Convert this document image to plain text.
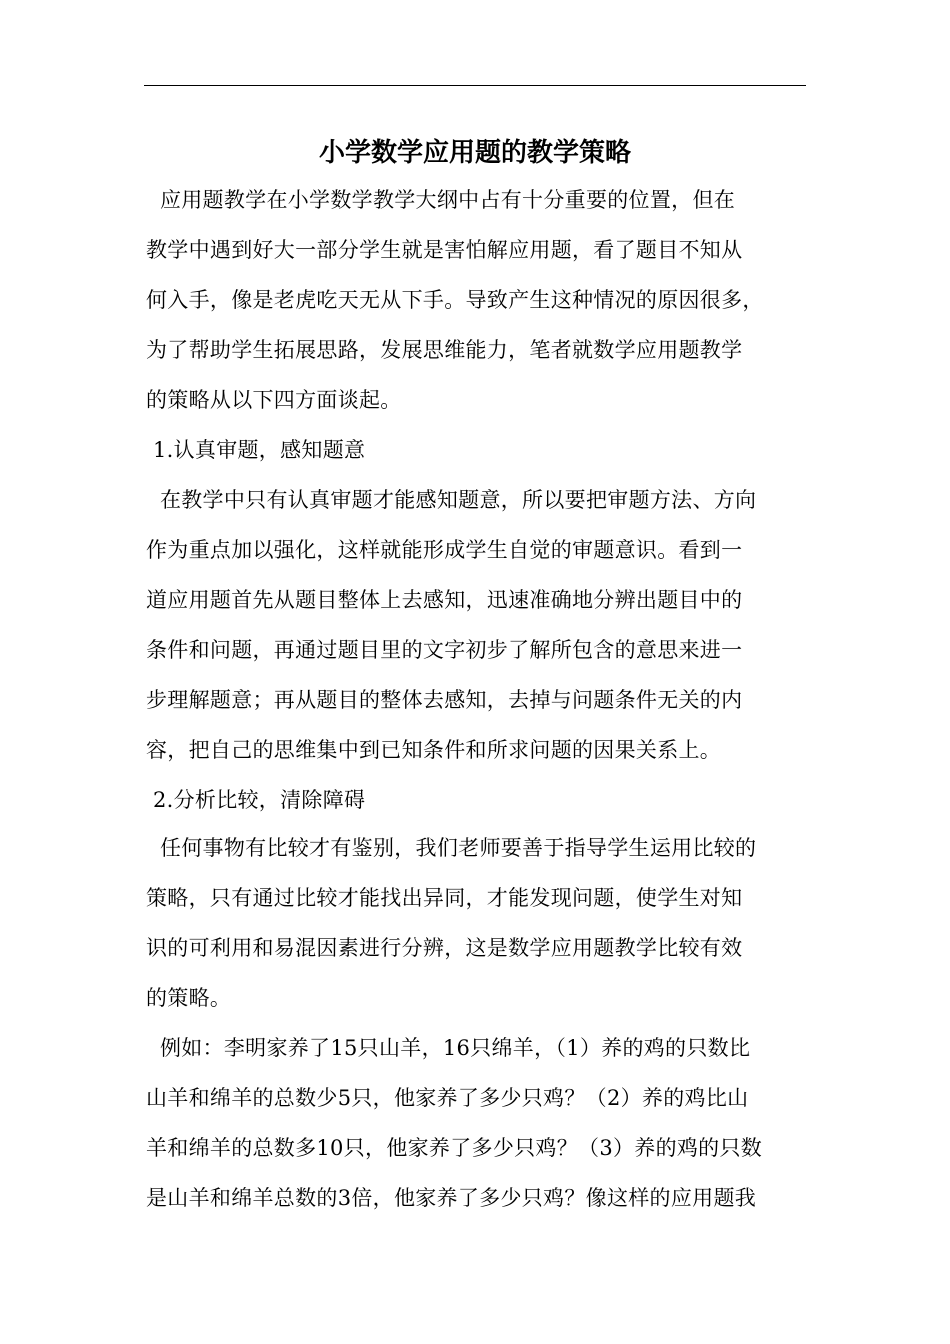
小学数学应用题的教学策略
应用题教学在小学数学教学大纲中占有十分重要的位置，但在
教学中遇到好大一部分学生就是害怕解应用题，看了题目不知从
何入手，像是老虎吃天无从下手。导致产生这种情况的原因很多，
为了帮助学生拓展思路，发展思维能力，笔者就数学应用题教学
的策略从以下四方面谈起。
1.认真审题，感知题意
在教学中只有认真审题才能感知题意，所以要把审题方法、方向
作为重点加以强化，这样就能形成学生自觉的审题意识。看到一
道应用题首先从题目整体上去感知，迅速准确地分辨出题目中的
条件和问题，再通过题目里的文字初步了解所包含的意思来进一
步理解题意；再从题目的整体去感知，去掉与问题条件无关的内
容，把自己的思维集中到已知条件和所求问题的因果关系上。
2.分析比较，清除障碍
任何事物有比较才有鉴别，我们老师要善于指导学生运用比较的
策略，只有通过比较才能找出异同，才能发现问题，使学生对知
识的可利用和易混因素进行分辨，这是数学应用题教学比较有效
的策略。
例如：李明家养了15只山羊，16只绵羊，（1）养的鸡的只数比
山羊和绵羊的总数少5只，他家养了多少只鸡？（2）养的鸡比山
羊和绵羊的总数多10只，他家养了多少只鸡？（3）养的鸡的只数
是山羊和绵羊总数的3倍，他家养了多少只鸡？像这样的应用题我
